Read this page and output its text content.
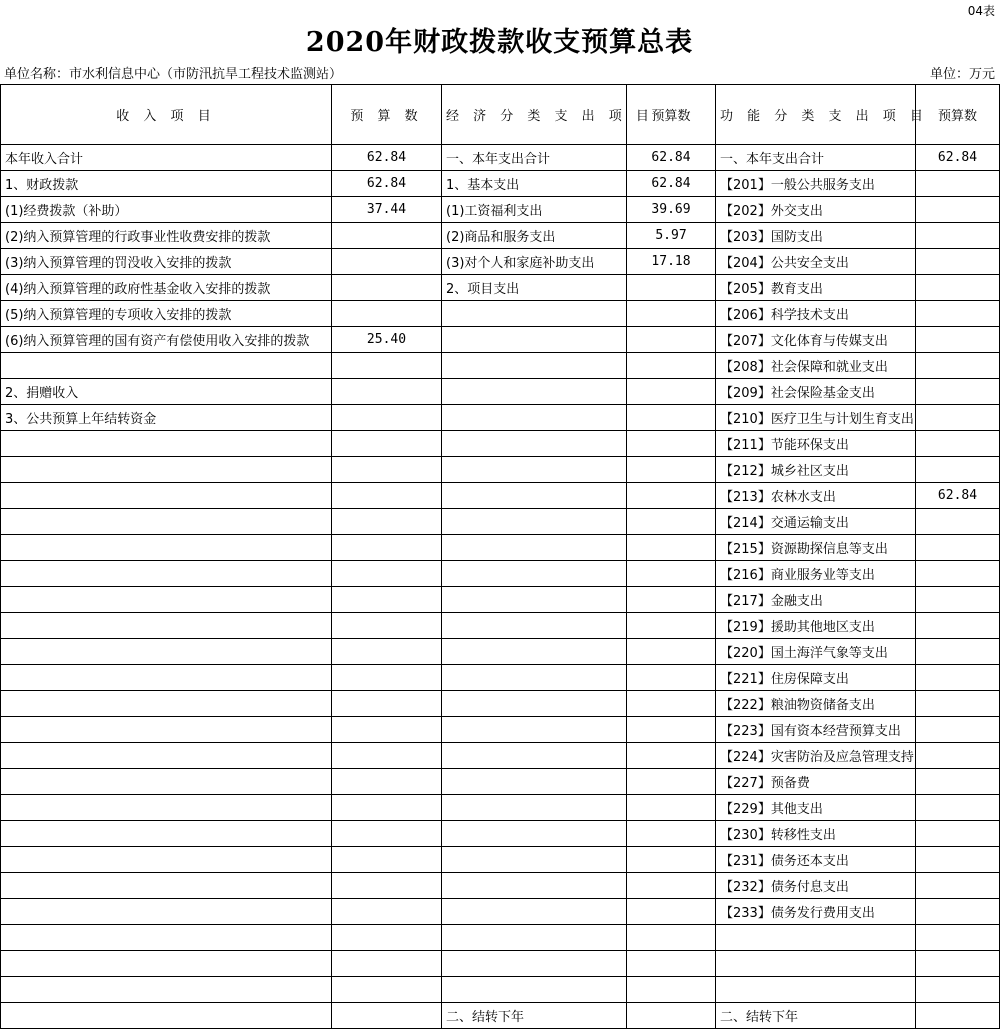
04表
2020年财政拨款收支预算总表
单位名称：市水利信息中心（市防汛抗旱工程技术监测站）	单位：万元
收 入 项 目	预 算 数	经 济 分 类 支 出 项 目	预算数	功 能 分 类 支 出 项 目	预算数
本年收入合计	62.84	一、本年支出合计	62.84	一、本年支出合计	62.84
1、财政拨款	62.84	1、基本支出	62.84	【201】一般公共服务支出	
(1)经费拨款（补助）	37.44	(1)工资福利支出	39.69	【202】外交支出	
(2)纳入预算管理的行政事业性收费安排的拨款		(2)商品和服务支出	5.97	【203】国防支出	
(3)纳入预算管理的罚没收入安排的拨款		(3)对个人和家庭补助支出	17.18	【204】公共安全支出	
(4)纳入预算管理的政府性基金收入安排的拨款		2、项目支出		【205】教育支出	
(5)纳入预算管理的专项收入安排的拨款				【206】科学技术支出	
(6)纳入预算管理的国有资产有偿使用收入安排的拨款	25.40			【207】文化体育与传媒支出	
				【208】社会保障和就业支出	
2、捐赠收入				【209】社会保险基金支出	
3、公共预算上年结转资金				【210】医疗卫生与计划生育支出	
				【211】节能环保支出	
				【212】城乡社区支出	
				【213】农林水支出	62.84
				【214】交通运输支出	
				【215】资源勘探信息等支出	
				【216】商业服务业等支出	
				【217】金融支出	
				【219】援助其他地区支出	
				【220】国土海洋气象等支出	
				【221】住房保障支出	
				【222】粮油物资储备支出	
				【223】国有资本经营预算支出	
				【224】灾害防治及应急管理支持	
				【227】预备费	
				【229】其他支出	
				【230】转移性支出	
				【231】债务还本支出	
				【232】债务付息支出	
				【233】债务发行费用支出	

		二、结转下年		二、结转下年	
